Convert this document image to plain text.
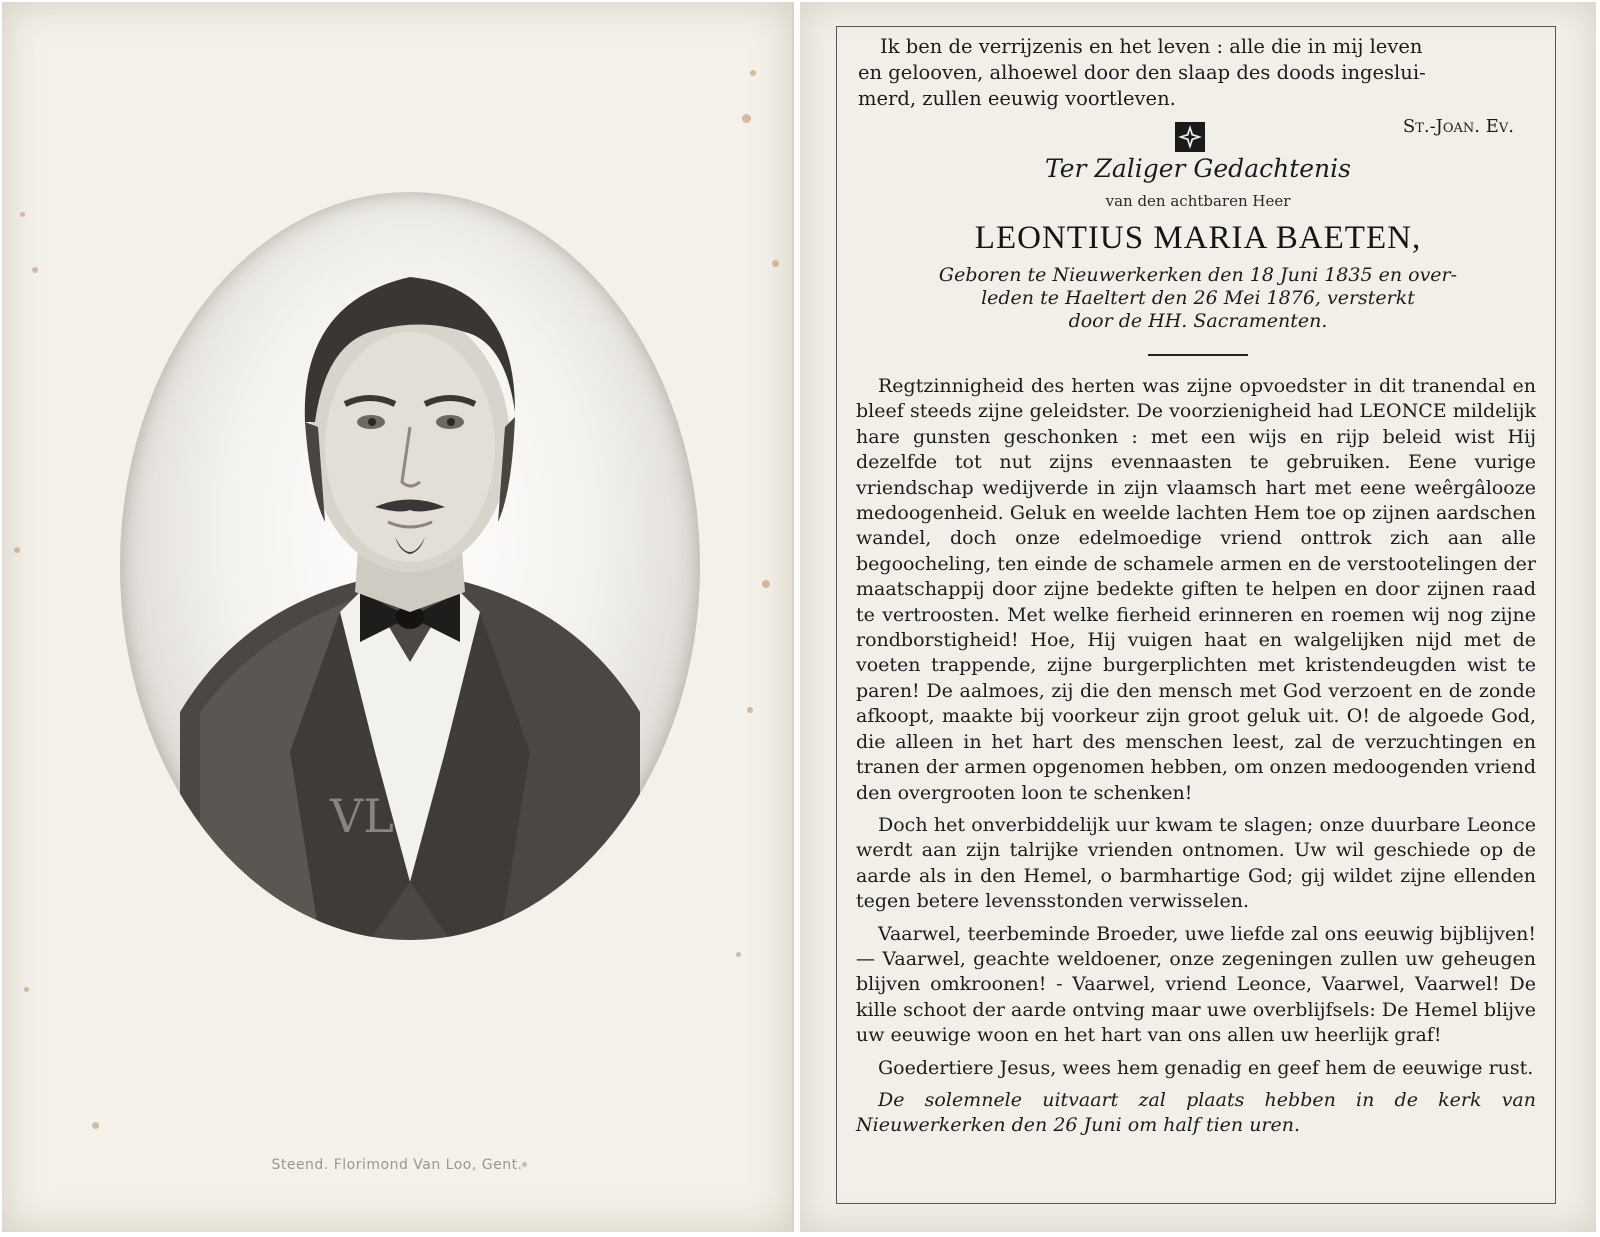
VL
Steend. Florimond Van Loo, Gent.
Ik ben de verrijzenis en het leven : alle die in mij leven
en gelooven, alhoewel door den slaap des doods ingeslui-
merd, zullen eeuwig voortleven.
St.-Joan. Ev.
Ter Zaliger Gedachtenis
van den achtbaren Heer
LEONTIUS MARIA BAETEN,
Geboren te Nieuwerkerken den 18 Juni 1835 en over-
leden te Haeltert den 26 Mei 1876, versterkt
door de HH. Sacramenten.

Regtzinnigheid des herten was zijne opvoedster in dit tranendal en bleef steeds zijne geleidster. De voorzienigheid had LEONCE mildelijk hare gunsten geschonken : met een wijs en rijp beleid wist Hij dezelfde tot nut zijns evennaasten te gebruiken. Eene vurige vriendschap wedijverde in zijn vlaamsch hart met eene weêrgâlooze medoogenheid. Geluk en weelde lachten Hem toe op zijnen aardschen wandel, doch onze edelmoedige vriend onttrok zich aan alle begoocheling, ten einde de schamele armen en de verstootelingen der maatschappij door zijne bedekte giften te helpen en door zijnen raad te vertroosten. Met welke fierheid erinneren en roemen wij nog zijne rondborstigheid! Hoe, Hij vuigen haat en walgelijken nijd met de voeten trappende, zijne burgerplichten met kristendeugden wist te paren! De aalmoes, zij die den mensch met God verzoent en de zonde afkoopt, maakte bij voorkeur zijn groot geluk uit. O! de algoede God, die alleen in het hart des menschen leest, zal de verzuchtingen en tranen der armen opgenomen hebben, om onzen medoogenden vriend den overgrooten loon te schenken!

Doch het onverbiddelijk uur kwam te slagen; onze duurbare Leonce werdt aan zijn talrijke vrienden ontnomen. Uw wil geschiede op de aarde als in den Hemel, o barmhartige God; gij wildet zijne ellenden tegen betere levensstonden verwisselen.

Vaarwel, teerbeminde Broeder, uwe liefde zal ons eeuwig bijblijven! — Vaarwel, geachte weldoener, onze zegeningen zullen uw geheugen blijven omkroonen! - Vaarwel, vriend Leonce, Vaarwel, Vaarwel! De kille schoot der aarde ontving maar uwe overblijfsels: De Hemel blijve uw eeuwige woon en het hart van ons allen uw heerlijk graf!

Goedertiere Jesus, wees hem genadig en geef hem de eeuwige rust.

De solemnele uitvaart zal plaats hebben in de kerk van Nieuwerkerken den 26 Juni om half tien uren.
